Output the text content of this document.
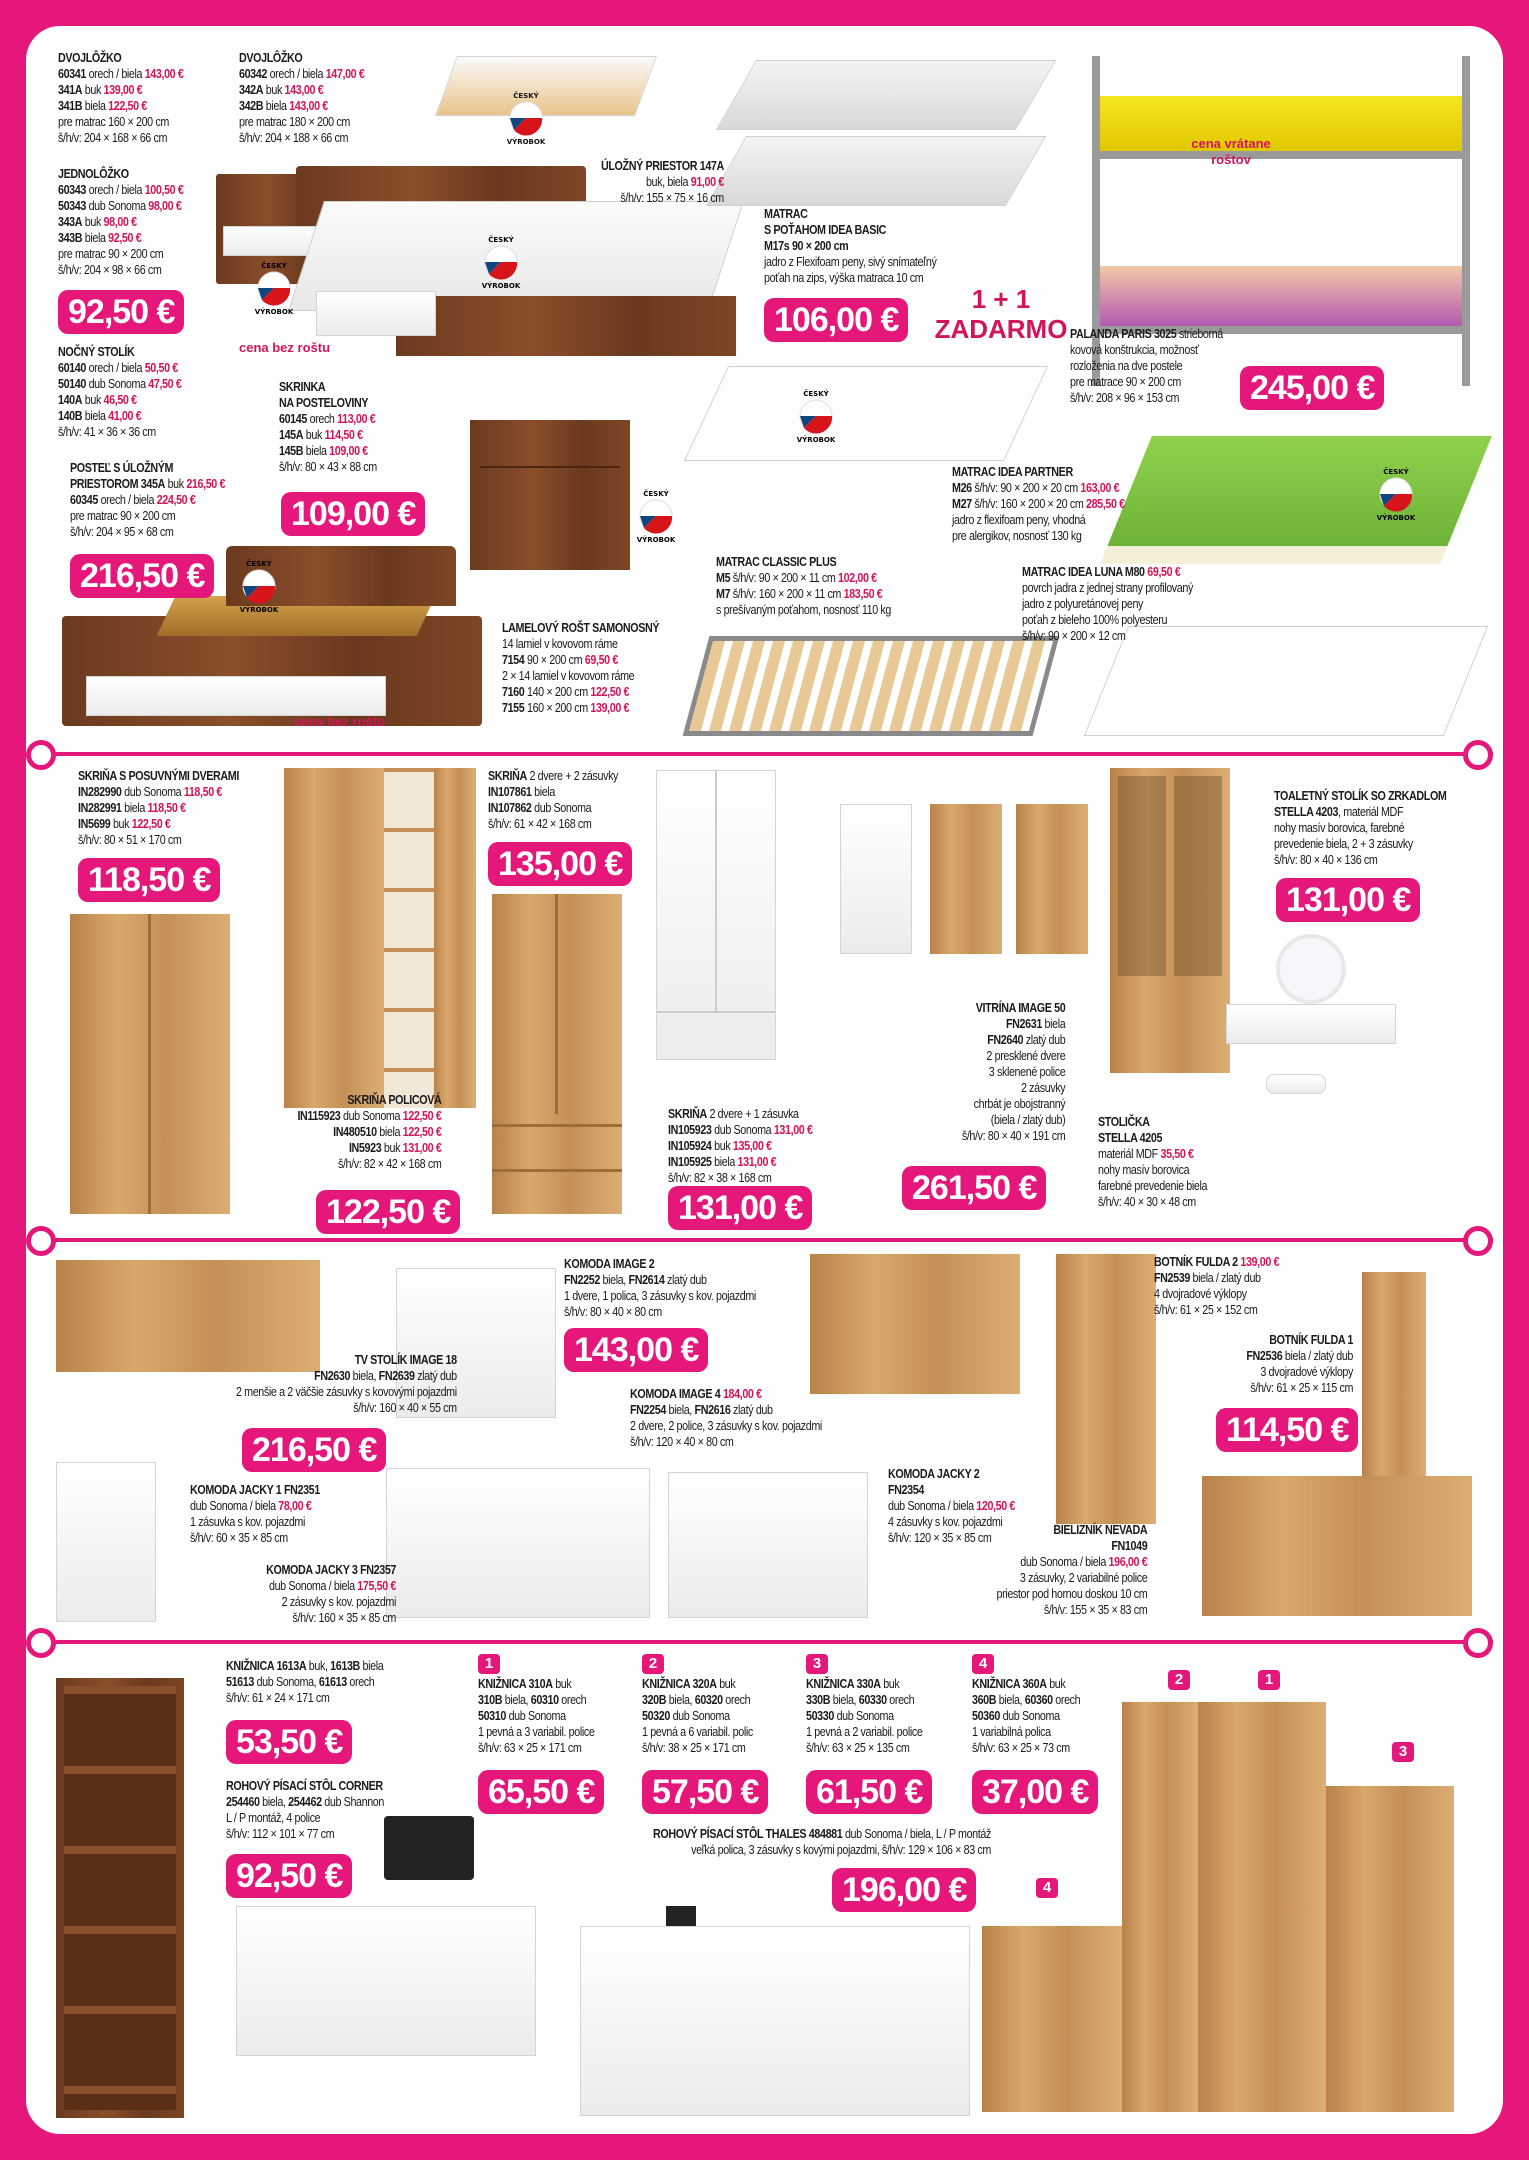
ČESKÝ
VÝROBOK
ČESKÝ
VÝROBOK
ČESKÝ
VÝROBOK
ČESKÝ
VÝROBOK
ČESKÝ
VÝROBOK
ČESKÝ
VÝROBOK
ČESKÝ
VÝROBOK
DVOJLÔŽKO
60341 orech / biela 143,00 €
341A buk 139,00 €
341B biela 122,50 €
pre matrac 160 × 200 cm
š/h/v: 204 × 168 × 66 cm
DVOJLÔŽKO
60342 orech / biela 147,00 €
342A buk 143,00 €
342B biela 143,00 €
pre matrac 180 × 200 cm
š/h/v: 204 × 188 × 66 cm
JEDNOLÔŽKO
60343 orech / biela 100,50 €
50343 dub Sonoma 98,00 €
343A buk 98,00 €
343B biela 92,50 €
pre matrac 90 × 200 cm
š/h/v: 204 × 98 × 66 cm
92,50 €
cena bez roštu
NOČNÝ STOLÍK
60140 orech / biela 50,50 €
50140 dub Sonoma 47,50 €
140A buk 46,50 €
140B biela 41,00 €
š/h/v: 41 × 36 × 36 cm
SKRINKA
NA POSTELOVINY
60145 orech 113,00 €
145A buk 114,50 €
145B biela 109,00 €
š/h/v: 80 × 43 × 88 cm
109,00 €
POSTEĽ S ÚLOŽNÝM
PRIESTOROM 345A buk 216,50 €
60345 orech / biela 224,50 €
pre matrac 90 × 200 cm
š/h/v: 204 × 95 × 68 cm
216,50 €
cena bez roštu
ÚLOŽNÝ PRIESTOR 147A
buk, biela 91,00 €
š/h/v: 155 × 75 × 16 cm
MATRAC
S POŤAHOM IDEA BASIC
M17s 90 × 200 cm
jadro z Flexifoam peny, sivý snímateľný
poťah na zips, výška matraca 10 cm
106,00 €
1 + 1
ZADARMO
cena vrátane
roštov
PALANDA PARIS 3025 strieborná
kovová konštrukcia, možnosť
rozloženia na dve postele
pre matrace 90 × 200 cm
š/h/v: 208 × 96 × 153 cm	245,00 €
MATRAC IDEA PARTNER
M26 š/h/v: 90 × 200 × 20 cm 163,00 €
M27 š/h/v: 160 × 200 × 20 cm 285,50 €
jadro z flexifoam peny, vhodná
pre alergikov, nosnosť 130 kg
MATRAC CLASSIC PLUS
M5 š/h/v: 90 × 200 × 11 cm 102,00 €
M7 š/h/v: 160 × 200 × 11 cm 183,50 €
s prešívaným poťahom, nosnosť 110 kg
MATRAC IDEA LUNA M80 69,50 €
povrch jadra z jednej strany profilovaný
jadro z polyuretánovej peny
poťah z bieleho 100% polyesteru
š/h/v: 90 × 200 × 12 cm
LAMELOVÝ ROŠT SAMONOSNÝ
14 lamiel v kovovom ráme
7154 90 × 200 cm 69,50 €
2 × 14 lamiel v kovovom ráme
7160 140 × 200 cm 122,50 €
7155 160 × 200 cm 139,00 €
SKRIŇA S POSUVNÝMI DVERAMI
IN282990 dub Sonoma 118,50 €
IN282991 biela 118,50 €
IN5699 buk 122,50 €
š/h/v: 80 × 51 × 170 cm
118,50 €
SKRIŇA POLICOVÁ
IN115923 dub Sonoma 122,50 €
IN480510 biela 122,50 €
IN5923 buk 131,00 €
š/h/v: 82 × 42 × 168 cm
122,50 €
SKRIŇA 2 dvere + 2 zásuvky
IN107861 biela
IN107862 dub Sonoma
š/h/v: 61 × 42 × 168 cm
135,00 €
SKRIŇA 2 dvere + 1 zásuvka
IN105923 dub Sonoma 131,00 €
IN105924 buk 135,00 €
IN105925 biela 131,00 €
š/h/v: 82 × 38 × 168 cm
131,00 €
VITRÍNA IMAGE 50
FN2631 biela
FN2640 zlatý dub
2 presklené dvere
3 sklenené police
2 zásuvky
chrbát je obojstranný
(biela / zlatý dub)
š/h/v: 80 × 40 × 191 cm
261,50 €
TOALETNÝ STOLÍK SO ZRKADLOM
STELLA 4203, materiál MDF
nohy masív borovica, farebné
prevedenie biela, 2 + 3 zásuvky
š/h/v: 80 × 40 × 136 cm
131,00 €
STOLIČKA
STELLA 4205
materiál MDF 35,50 €
nohy masív borovica
farebné prevedenie biela
š/h/v: 40 × 30 × 48 cm
TV STOLÍK IMAGE 18
FN2630 biela, FN2639 zlatý dub
2 menšie a 2 väčšie zásuvky s kovovými pojazdmi
š/h/v: 160 × 40 × 55 cm
216,50 €
KOMODA IMAGE 2
FN2252 biela, FN2614 zlatý dub
1 dvere, 1 polica, 3 zásuvky s kov. pojazdmi
š/h/v: 80 × 40 × 80 cm
143,00 €
KOMODA IMAGE 4 184,00 €
FN2254 biela, FN2616 zlatý dub
2 dvere, 2 police, 3 zásuvky s kov. pojazdmi
š/h/v: 120 × 40 × 80 cm
BOTNÍK FULDA 2 139,00 €
FN2539 biela / zlatý dub
4 dvojradové výklopy
š/h/v: 61 × 25 × 152 cm
BOTNÍK FULDA 1
FN2536 biela / zlatý dub
3 dvojradové výklopy
š/h/v: 61 × 25 × 115 cm
114,50 €
KOMODA JACKY 1 FN2351
dub Sonoma / biela 78,00 €
1 zásuvka s kov. pojazdmi
š/h/v: 60 × 35 × 85 cm
KOMODA JACKY 3 FN2357
dub Sonoma / biela 175,50 €
2 zásuvky s kov. pojazdmi
š/h/v: 160 × 35 × 85 cm
KOMODA JACKY 2
FN2354
dub Sonoma / biela 120,50 €
4 zásuvky s kov. pojazdmi
š/h/v: 120 × 35 × 85 cm
BIELIZNÍK NEVADA
FN1049
dub Sonoma / biela 196,00 €
3 zásuvky, 2 variabilné police
priestor pod hornou doskou 10 cm
š/h/v: 155 × 35 × 83 cm
2	1
3
4
KNIŽNICA 1613A buk, 1613B biela
51613 dub Sonoma, 61613 orech
š/h/v: 61 × 24 × 171 cm
53,50 €
ROHOVÝ PÍSACÍ STÔL CORNER
254460 biela, 254462 dub Shannon
L / P montáž, 4 police
š/h/v: 112 × 101 × 77 cm
92,50 €
1
KNIŽNICA 310A buk
310B biela, 60310 orech
50310 dub Sonoma
1 pevná a 3 variabil. police
š/h/v: 63 × 25 × 171 cm
65,50 €
2
KNIŽNICA 320A buk
320B biela, 60320 orech
50320 dub Sonoma
1 pevná a 6 variabil. polic
š/h/v: 38 × 25 × 171 cm
57,50 €
3
KNIŽNICA 330A buk
330B biela, 60330 orech
50330 dub Sonoma
1 pevná a 2 variabil. police
š/h/v: 63 × 25 × 135 cm
61,50 €
4
KNIŽNICA 360A buk
360B biela, 60360 orech
50360 dub Sonoma
1 variabilná polica
š/h/v: 63 × 25 × 73 cm
37,00 €
ROHOVÝ PÍSACÍ STÔL THALES 484881 dub Sonoma / biela, L / P montáž
veľká polica, 3 zásuvky s kovými pojazdmi, š/h/v: 129 × 106 × 83 cm
196,00 €
